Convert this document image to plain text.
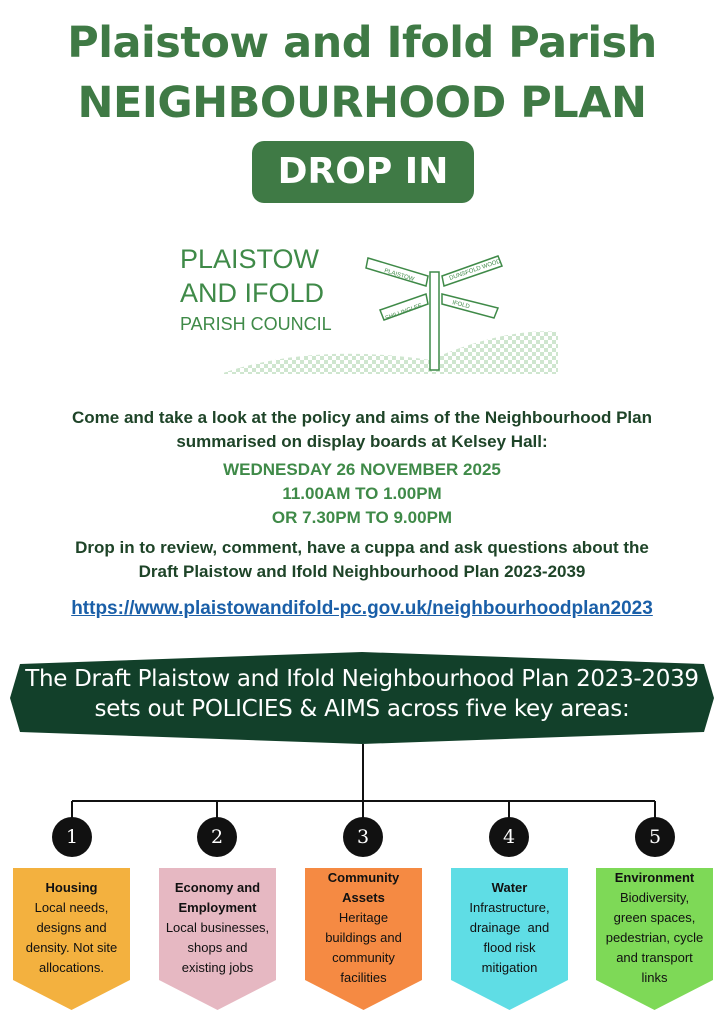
Plaistow and Ifold Parish
NEIGHBOURHOOD PLAN
DROP IN
PLAISTOW
AND IFOLD
PARISH COUNCIL
PLAISTOW	DUNSFOLD WOOD
SHILLINGLEE	IFOLD
Come and take a look at the policy and aims of the Neighbourhood Plan
summarised on display boards at Kelsey Hall:
WEDNESDAY 26 NOVEMBER 2025
11.00AM TO 1.00PM
OR 7.30PM TO 9.00PM
Drop in to review, comment, have a cuppa and ask questions about the
Draft Plaistow and Ifold Neighbourhood Plan 2023-2039
https://www.plaistowandifold-pc.gov.uk/neighbourhoodplan2023
The Draft Plaistow and Ifold Neighbourhood Plan 2023-2039
sets out POLICIES & AIMS across five key areas:
1	2	3	4	5
Housing
Local needs,
designs and
density. Not site
allocations.
Economy and Employment
Local businesses,
shops and
existing jobs
Community Assets
Heritage
buildings and
community
facilities
Water
Infrastructure,
drainage  and
flood risk
mitigation
Environment
Biodiversity,
green spaces,
pedestrian, cycle
and transport
links
